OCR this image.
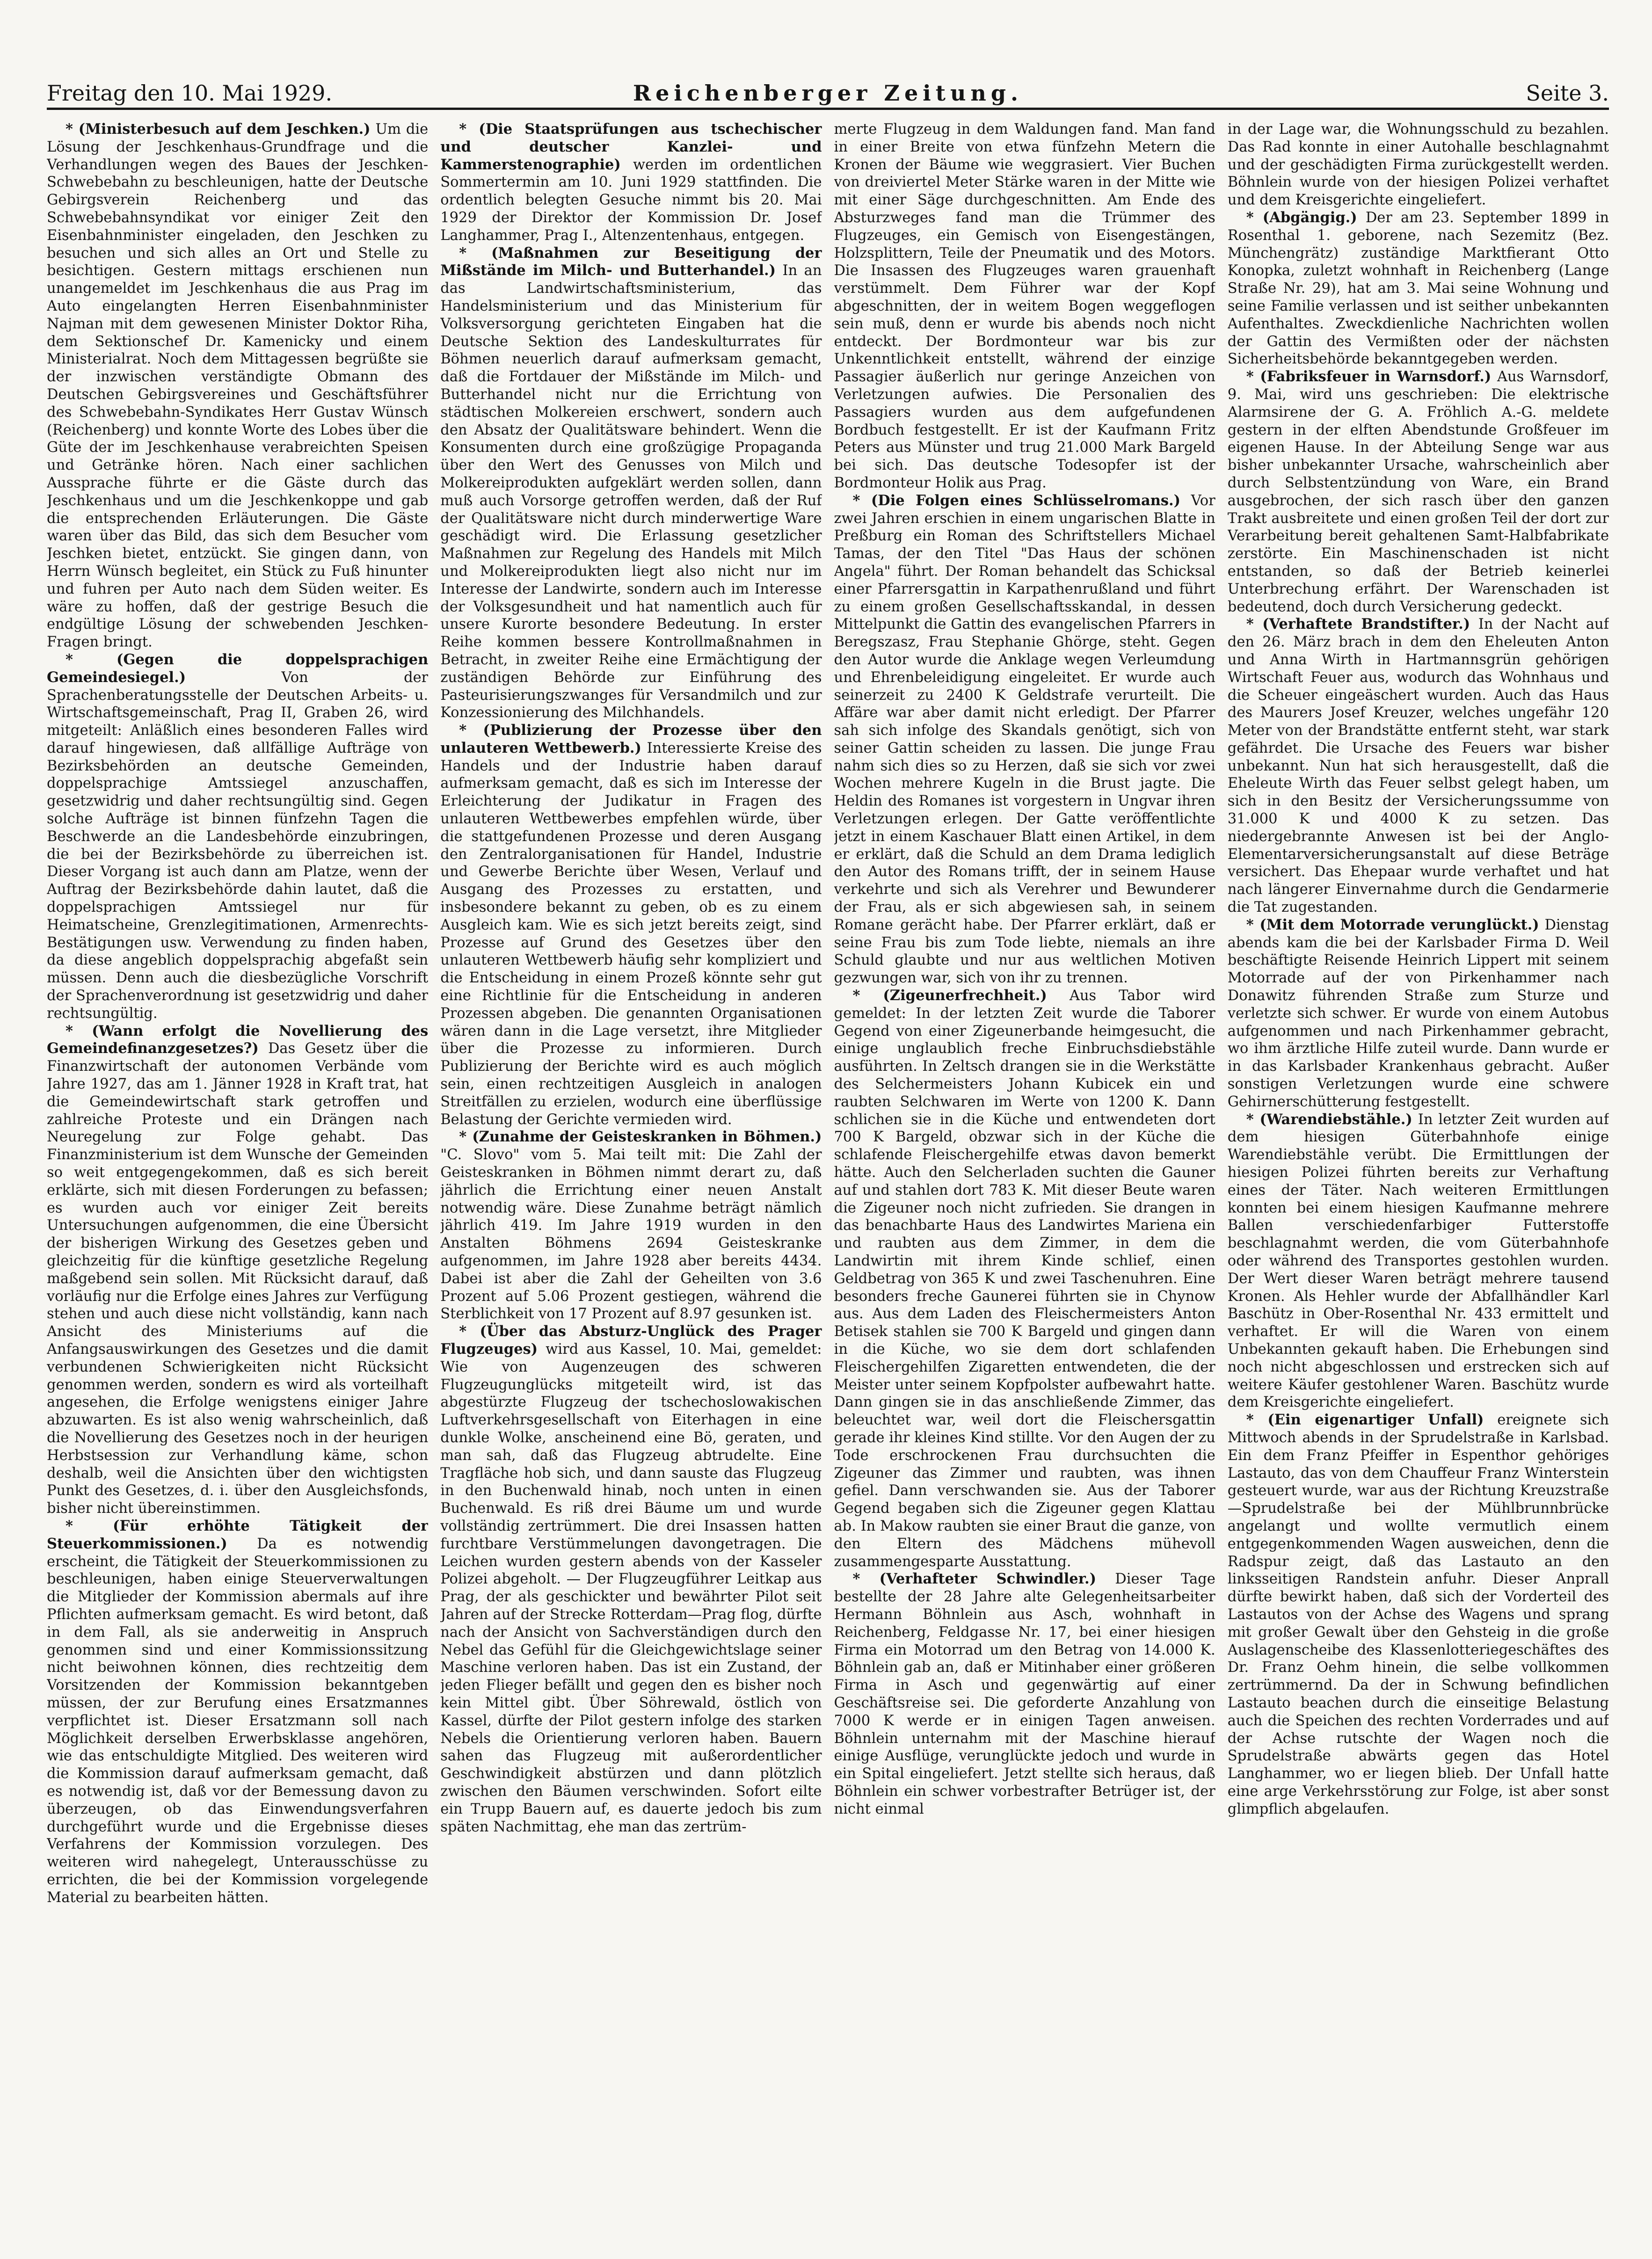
Freitag den 10. Mai 1929.	Reichenberger Zeitung.	Seite 3.

* (Ministerbesuch auf dem Jeschken.) Um die Lösung der Jeschkenhaus-Grundfrage und die Verhandlungen wegen des Baues der Jeschken-Schwebebahn zu beschleunigen, hatte der Deutsche Gebirgsverein Reichenberg und das Schwebebahnsyndikat vor einiger Zeit den Eisenbahnminister eingeladen, den Jeschken zu besuchen und sich alles an Ort und Stelle zu besichtigen. Gestern mittags erschienen nun unangemeldet im Jeschkenhaus die aus Prag im Auto eingelangten Herren Eisenbahnminister Najman mit dem gewesenen Minister Doktor Riha, dem Sektionschef Dr. Kamenicky und einem Ministerialrat. Noch dem Mittagessen begrüßte sie der inzwischen verständigte Obmann des Deutschen Gebirgsvereines und Geschäftsführer des Schwebebahn-Syndikates Herr Gustav Wünsch (Reichenberg) und konnte Worte des Lobes über die Güte der im Jeschkenhause verabreichten Speisen und Getränke hören. Nach einer sachlichen Aussprache führte er die Gäste durch das Jeschkenhaus und um die Jeschkenkoppe und gab die entsprechenden Erläuterungen. Die Gäste waren über das Bild, das sich dem Besucher vom Jeschken bietet, entzückt. Sie gingen dann, von Herrn Wünsch begleitet, ein Stück zu Fuß hinunter und fuhren per Auto nach dem Süden weiter. Es wäre zu hoffen, daß der gestrige Besuch die endgültige Lösung der schwebenden Jeschken-Fragen bringt.

* (Gegen die doppelsprachigen Gemeindesiegel.)	Von der Sprachenberatungsstelle der Deutschen Arbeits- u. Wirtschaftsgemeinschaft, Prag II, Graben 26, wird mitgeteilt: Anläßlich eines besonderen Falles wird darauf hingewiesen, daß allfällige Aufträge von Bezirksbehörden an deutsche Gemeinden, doppelsprachige Amtssiegel anzuschaffen, gesetzwidrig und daher rechtsungültig sind. Gegen solche Aufträge ist binnen fünfzehn Tagen die Beschwerde an die Landesbehörde einzubringen, die bei der Bezirksbehörde zu überreichen ist. Dieser Vorgang ist auch dann am Platze, wenn der Auftrag der Bezirksbehörde dahin lautet, daß die doppelsprachigen Amtssiegel nur für Heimatscheine, Grenzlegitimationen, Armenrechts-Bestätigungen usw. Verwendung zu finden haben, da diese angeblich doppelsprachig abgefaßt sein müssen. Denn auch die diesbezügliche Vorschrift der Sprachenverordnung ist gesetzwidrig und daher rechtsungültig.

* (Wann erfolgt die Novellierung des Gemeindefinanzgesetzes?) Das Gesetz über die Finanzwirtschaft der autonomen Verbände vom Jahre 1927, das am 1. Jänner 1928 in Kraft trat, hat die Gemeindewirtschaft stark getroffen und zahlreiche Proteste und ein Drängen nach Neuregelung zur Folge gehabt. Das Finanzministerium ist dem Wunsche der Gemeinden so weit entgegengekommen, daß es sich bereit erklärte, sich mit diesen Forderungen zu befassen; es wurden auch vor einiger Zeit bereits Untersuchungen aufgenommen, die eine Übersicht der bisherigen Wirkung des Gesetzes geben und gleichzeitig für die künftige gesetzliche Regelung maßgebend sein sollen. Mit Rücksicht darauf, daß vorläufig nur die Erfolge eines Jahres zur Verfügung stehen und auch diese nicht vollständig, kann nach Ansicht des Ministeriums auf die Anfangsauswirkungen des Gesetzes und die damit verbundenen Schwierigkeiten nicht Rücksicht genommen werden, sondern es wird als vorteilhaft angesehen, die Erfolge wenigstens einiger Jahre abzuwarten. Es ist also wenig wahrscheinlich, daß die Novellierung des Gesetzes noch in der heurigen Herbstsession zur Verhandlung käme, schon deshalb, weil die Ansichten über den wichtigsten Punkt des Gesetzes, d. i. über den Ausgleichsfonds, bisher nicht übereinstimmen.

* (Für erhöhte Tätigkeit der Steuerkommissionen.) Da es notwendig erscheint, die Tätigkeit der Steuerkommissionen zu beschleunigen, haben einige Steuerverwaltungen die Mitglieder der Kommission abermals auf ihre Pflichten aufmerksam gemacht. Es wird betont, daß in dem Fall, als sie anderweitig in Anspruch genommen sind und einer Kommissionssitzung nicht beiwohnen können, dies rechtzeitig dem Vorsitzenden der Kommission bekanntgeben müssen, der zur Berufung eines Ersatzmannes verpflichtet ist. Dieser Ersatzmann soll nach Möglichkeit derselben Erwerbsklasse angehören, wie das entschuldigte Mitglied. Des weiteren wird die Kommission darauf aufmerksam gemacht, daß es notwendig ist, daß vor der Bemessung davon zu überzeugen, ob das Einwendungsverfahren durchgeführt wurde und die Ergebnisse dieses Verfahrens der Kommission vorzulegen. Des weiteren wird nahegelegt, Unterausschüsse zu errichten, die bei der Kommission vorgelegende Material zu bearbeiten hätten.

* (Die Staatsprüfungen aus tschechischer und deutscher Kanzlei- und Kammerstenographie) werden im ordentlichen Sommertermin am 10. Juni 1929 stattfinden. Die ordentlich belegten Gesuche nimmt bis 20. Mai 1929 der Direktor der Kommission Dr. Josef Langhammer, Prag I., Altenzentenhaus, entgegen.

* (Maßnahmen zur Beseitigung der Mißstände im Milch- und Butterhandel.) In an das Landwirtschaftsministerium, das Handelsministerium und das Ministerium für Volksversorgung gerichteten Eingaben hat die Deutsche Sektion des Landeskulturrates für Böhmen neuerlich darauf aufmerksam gemacht, daß die Fortdauer der Mißstände im Milch- und Butterhandel nicht nur die Errichtung von städtischen Molkereien erschwert, sondern auch den Absatz der Qualitätsware behindert. Wenn die Konsumenten durch eine großzügige Propaganda über den Wert des Genusses von Milch und Molkereiprodukten aufgeklärt werden sollen, dann muß auch Vorsorge getroffen werden, daß der Ruf der Qualitätsware nicht durch minderwertige Ware geschädigt wird. Die Erlassung gesetzlicher Maßnahmen zur Regelung des Handels mit Milch und Molkereiprodukten liegt also nicht nur im Interesse der Landwirte, sondern auch im Interesse der Volksgesundheit und hat namentlich auch für unsere Kurorte besondere Bedeutung. In erster Reihe kommen bessere Kontrollmaßnahmen in Betracht, in zweiter Reihe eine Ermächtigung der zuständigen Behörde zur Einführung des Pasteurisierungszwanges für Versandmilch und zur Konzessionierung des Milchhandels.

* (Publizierung der Prozesse über den unlauteren Wettbewerb.) Interessierte Kreise des Handels und der Industrie haben darauf aufmerksam gemacht, daß es sich im Interesse der Erleichterung der Judikatur in Fragen des unlauteren Wettbewerbes empfehlen würde, über die stattgefundenen Prozesse und deren Ausgang den Zentralorganisationen für Handel, Industrie und Gewerbe Berichte über Wesen, Verlauf und Ausgang des Prozesses zu erstatten, und insbesondere bekannt zu geben, ob es zu einem Ausgleich kam. Wie es sich jetzt bereits zeigt, sind Prozesse auf Grund des Gesetzes über den unlauteren Wettbewerb häufig sehr kompliziert und die Entscheidung in einem Prozeß könnte sehr gut eine Richtlinie für die Entscheidung in anderen Prozessen abgeben. Die genannten Organisationen wären dann in die Lage versetzt, ihre Mitglieder über die Prozesse zu informieren. Durch Publizierung der Berichte wird es auch möglich sein, einen rechtzeitigen Ausgleich in analogen Streitfällen zu erzielen, wodurch eine überflüssige Belastung der Gerichte vermieden wird.

* (Zunahme der Geisteskranken in Böhmen.) "C. Slovo" vom 5. Mai teilt mit: Die Zahl der Geisteskranken in Böhmen nimmt derart zu, daß jährlich die Errichtung einer neuen Anstalt notwendig wäre. Diese Zunahme beträgt nämlich jährlich 419. Im Jahre 1919 wurden in den Anstalten Böhmens 2694 Geisteskranke aufgenommen, im Jahre 1928 aber bereits 4434. Dabei ist aber die Zahl der Geheilten von 3.6 Prozent auf 5.06 Prozent gestiegen, während die Sterblichkeit von 17 Prozent auf 8.97 gesunken ist.

* (Über das Absturz-Unglück des Prager Flugzeuges) wird aus Kassel, 10. Mai, gemeldet: Wie von Augenzeugen des schweren Flugzeugunglücks mitgeteilt wird, ist das abgestürzte Flugzeug der tschechoslowakischen Luftverkehrsgesellschaft von Eiterhagen in eine dunkle Wolke, anscheinend eine Bö, geraten, und man sah, daß das Flugzeug abtrudelte. Eine Tragfläche hob sich, und dann sauste das Flugzeug in den Buchenwald hinab, noch unten in einen Buchenwald. Es riß drei Bäume um und wurde vollständig zertrümmert. Die drei Insassen hatten furchtbare Verstümmelungen davongetragen. Die Leichen wurden gestern abends von der Kasseler Polizei abgeholt. — Der Flugzeugführer Leitkap aus Prag, der als geschickter und bewährter Pilot seit Jahren auf der Strecke Rotterdam—Prag flog, dürfte nach der Ansicht von Sachverständigen durch den Nebel das Gefühl für die Gleichgewichtslage seiner Maschine verloren haben. Das ist ein Zustand, der jeden Flieger befällt und gegen den es bisher noch kein Mittel gibt. Über Söhrewald, östlich von Kassel, dürfte der Pilot gestern infolge des starken Nebels die Orientierung verloren haben. Bauern sahen das Flugzeug mit außerordentlicher Geschwindigkeit abstürzen und dann plötzlich zwischen den Bäumen verschwinden. Sofort eilte ein Trupp Bauern auf, es dauerte jedoch bis zum späten Nachmittag, ehe man das zertrüm-

merte Flugzeug in dem Waldungen fand. Man fand in einer Breite von etwa fünfzehn Metern die Kronen der Bäume wie weggrasiert. Vier Buchen von dreiviertel Meter Stärke waren in der Mitte wie mit einer Säge durchgeschnitten. Am Ende des Absturzweges fand man die Trümmer des Flugzeuges, ein Gemisch von Eisengestängen, Holzsplittern, Teile der Pneumatik und des Motors. Die Insassen des Flugzeuges waren grauenhaft verstümmelt. Dem Führer war der Kopf abgeschnitten, der in weitem Bogen weggeflogen sein muß, denn er wurde bis abends noch nicht entdeckt. Der Bordmonteur war bis zur Unkenntlichkeit entstellt, während der einzige Passagier äußerlich nur geringe Anzeichen von Verletzungen aufwies. Die Personalien des Passagiers wurden aus dem aufgefundenen Bordbuch festgestellt. Er ist der Kaufmann Fritz Peters aus Münster und trug 21.000 Mark Bargeld bei sich. Das deutsche Todesopfer ist der Bordmonteur Holik aus Prag.

* (Die Folgen eines Schlüsselromans.) Vor zwei Jahren erschien in einem ungarischen Blatte in Preßburg ein Roman des Schriftstellers Michael Tamas, der den Titel "Das Haus der schönen Angela" führt. Der Roman behandelt das Schicksal einer Pfarrersgattin in Karpathenrußland und führt zu einem großen Gesellschaftsskandal, in dessen Mittelpunkt die Gattin des evangelischen Pfarrers in Beregszasz, Frau Stephanie Ghörge, steht. Gegen den Autor wurde die Anklage wegen Verleumdung und Ehrenbeleidigung eingeleitet. Er wurde auch seinerzeit zu 2400 K Geldstrafe verurteilt. Die Affäre war aber damit nicht erledigt. Der Pfarrer sah sich infolge des Skandals genötigt, sich von seiner Gattin scheiden zu lassen. Die junge Frau nahm sich dies so zu Herzen, daß sie sich vor zwei Wochen mehrere Kugeln in die Brust jagte. Die Heldin des Romanes ist vorgestern in Ungvar ihren Verletzungen erlegen. Der Gatte veröffentlichte jetzt in einem Kaschauer Blatt einen Artikel, in dem er erklärt, daß die Schuld an dem Drama lediglich den Autor des Romans trifft, der in seinem Hause verkehrte und sich als Verehrer und Bewunderer der Frau, als er sich abgewiesen sah, in seinem Romane gerächt habe. Der Pfarrer erklärt, daß er seine Frau bis zum Tode liebte, niemals an ihre Schuld glaubte und nur aus weltlichen Motiven gezwungen war, sich von ihr zu trennen.

* (Zigeunerfrechheit.) Aus Tabor wird gemeldet: In der letzten Zeit wurde die Taborer Gegend von einer Zigeunerbande heimgesucht, die einige unglaublich freche Einbruchsdiebstähle ausführten. In Zeltsch drangen sie in die Werkstätte des Selchermeisters Johann Kubicek ein und raubten Selchwaren im Werte von 1200 K. Dann schlichen sie in die Küche und entwendeten dort 700 K Bargeld, obzwar sich in der Küche die schlafende Fleischergehilfe etwas davon bemerkt hätte. Auch den Selcherladen suchten die Gauner auf und stahlen dort 783 K. Mit dieser Beute waren die Zigeuner noch nicht zufrieden. Sie drangen in das benachbarte Haus des Landwirtes Mariena ein und raubten aus dem Zimmer, in dem die Landwirtin mit ihrem Kinde schlief, einen Geldbetrag von 365 K und zwei Taschenuhren. Eine besonders freche Gaunerei führten sie in Chynow aus. Aus dem Laden des Fleischermeisters Anton Betisek stahlen sie 700 K Bargeld und gingen dann in die Küche, wo sie dem dort schlafenden Fleischergehilfen Zigaretten entwendeten, die der Meister unter seinem Kopfpolster aufbewahrt hatte. Dann gingen sie in das anschließende Zimmer, das beleuchtet war, weil dort die Fleischersgattin gerade ihr kleines Kind stillte. Vor den Augen der zu Tode erschrockenen Frau durchsuchten die Zigeuner das Zimmer und raubten, was ihnen gefiel. Dann verschwanden sie. Aus der Taborer Gegend begaben sich die Zigeuner gegen Klattau ab. In Makow raubten sie einer Braut die ganze, von den Eltern des Mädchens mühevoll zusammengesparte Ausstattung.

* (Verhafteter Schwindler.) Dieser Tage bestellte der 28 Jahre alte Gelegenheitsarbeiter Hermann Böhnlein aus Asch, wohnhaft in Reichenberg, Feldgasse Nr. 17, bei einer hiesigen Firma ein Motorrad um den Betrag von 14.000 K. Böhnlein gab an, daß er Mitinhaber einer größeren Firma in Asch und gegenwärtig auf einer Geschäftsreise sei. Die geforderte Anzahlung von 7000 K werde er in einigen Tagen anweisen. Böhnlein unternahm mit der Maschine hierauf einige Ausflüge, verunglückte jedoch und wurde in ein Spital eingeliefert. Jetzt stellte sich heraus, daß Böhnlein ein schwer vorbestrafter Betrüger ist, der nicht einmal

in der Lage war, die Wohnungsschuld zu bezahlen. Das Rad konnte in einer Autohalle beschlagnahmt und der geschädigten Firma zurückgestellt werden. Böhnlein wurde von der hiesigen Polizei verhaftet und dem Kreisgerichte eingeliefert.

* (Abgängig.) Der am 23. September 1899 in Rosenthal 1. geborene, nach Sezemitz (Bez. Münchengrätz) zuständige Marktfierant Otto Konopka, zuletzt wohnhaft in Reichenberg (Lange Straße Nr. 29), hat am 3. Mai seine Wohnung und seine Familie verlassen und ist seither unbekannten Aufenthaltes. Zweckdienliche Nachrichten wollen der Gattin des Vermißten oder der nächsten Sicherheitsbehörde bekanntgegeben werden.

* (Fabriksfeuer in Warnsdorf.) Aus Warnsdorf, 9. Mai, wird uns geschrieben: Die elektrische Alarmsirene der G. A. Fröhlich A.-G. meldete gestern in der elften Abendstunde Großfeuer im eigenen Hause. In der Abteilung Senge war aus bisher unbekannter Ursache, wahrscheinlich aber durch Selbstentzündung von Ware, ein Brand ausgebrochen, der sich rasch über den ganzen Trakt ausbreitete und einen großen Teil der dort zur Verarbeitung bereit gehaltenen Samt-Halbfabrikate zerstörte. Ein Maschinenschaden ist nicht entstanden, so daß der Betrieb keinerlei Unterbrechung erfährt. Der Warenschaden ist bedeutend, doch durch Versicherung gedeckt.

* (Verhaftete Brandstifter.) In der Nacht auf den 26. März brach in dem den Eheleuten Anton und Anna Wirth in Hartmannsgrün gehörigen Wirtschaft Feuer aus, wodurch das Wohnhaus und die Scheuer eingeäschert wurden. Auch das Haus des Maurers Josef Kreuzer, welches ungefähr 120 Meter von der Brandstätte entfernt steht, war stark gefährdet. Die Ursache des Feuers war bisher unbekannt. Nun hat sich herausgestellt, daß die Eheleute Wirth das Feuer selbst gelegt haben, um sich in den Besitz der Versicherungssumme von 31.000 K und 4000 K zu setzen. Das niedergebrannte Anwesen ist bei der Anglo-Elementarversicherungsanstalt auf diese Beträge versichert. Das Ehepaar wurde verhaftet und hat nach längerer Einvernahme durch die Gendarmerie die Tat zugestanden.

* (Mit dem Motorrade verunglückt.) Dienstag abends kam die bei der Karlsbader Firma D. Weil beschäftigte Reisende Heinrich Lippert mit seinem Motorrade auf der von Pirkenhammer nach Donawitz führenden Straße zum Sturze und verletzte sich schwer. Er wurde von einem Autobus aufgenommen und nach Pirkenhammer gebracht, wo ihm ärztliche Hilfe zuteil wurde. Dann wurde er in das Karlsbader Krankenhaus gebracht. Außer sonstigen Verletzungen wurde eine schwere Gehirnerschütterung festgestellt.

* (Warendiebstähle.) In letzter Zeit wurden auf dem hiesigen Güterbahnhofe einige Warendiebstähle verübt. Die Ermittlungen der hiesigen Polizei führten bereits zur Verhaftung eines der Täter. Nach weiteren Ermittlungen konnten bei einem hiesigen Kaufmanne mehrere Ballen verschiedenfarbiger Futterstoffe beschlagnahmt werden, die vom Güterbahnhofe oder während des Transportes gestohlen wurden. Der Wert dieser Waren beträgt mehrere tausend Kronen. Als Hehler wurde der Abfallhändler Karl Baschütz in Ober-Rosenthal Nr. 433 ermittelt und verhaftet. Er will die Waren von einem Unbekannten gekauft haben. Die Erhebungen sind noch nicht abgeschlossen und erstrecken sich auf weitere Käufer gestohlener Waren. Baschütz wurde dem Kreisgerichte eingeliefert.

* (Ein eigenartiger Unfall) ereignete sich Mittwoch abends in der Sprudelstraße in Karlsbad. Ein dem Franz Pfeiffer in Espenthor gehöriges Lastauto, das von dem Chauffeur Franz Winterstein gesteuert wurde, war aus der Richtung Kreuzstraße—Sprudelstraße bei der Mühlbrunnbrücke angelangt und wollte vermutlich einem entgegenkommenden Wagen ausweichen, denn die Radspur zeigt, daß das Lastauto an den linksseitigen Randstein anfuhr. Dieser Anprall dürfte bewirkt haben, daß sich der Vorderteil des Lastautos von der Achse des Wagens und sprang mit großer Gewalt über den Gehsteig in die große Auslagenscheibe des Klassenlotteriegeschäftes des Dr. Franz Oehm hinein, die selbe vollkommen zertrümmernd. Da der in Schwung befindlichen Lastauto beachen durch die einseitige Belastung auch die Speichen des rechten Vorderrades und auf der Achse rutschte der Wagen noch die Sprudelstraße abwärts gegen das Hotel Langhammer, wo er liegen blieb. Der Unfall hatte eine arge Verkehrsstörung zur Folge, ist aber sonst glimpflich abgelaufen.
